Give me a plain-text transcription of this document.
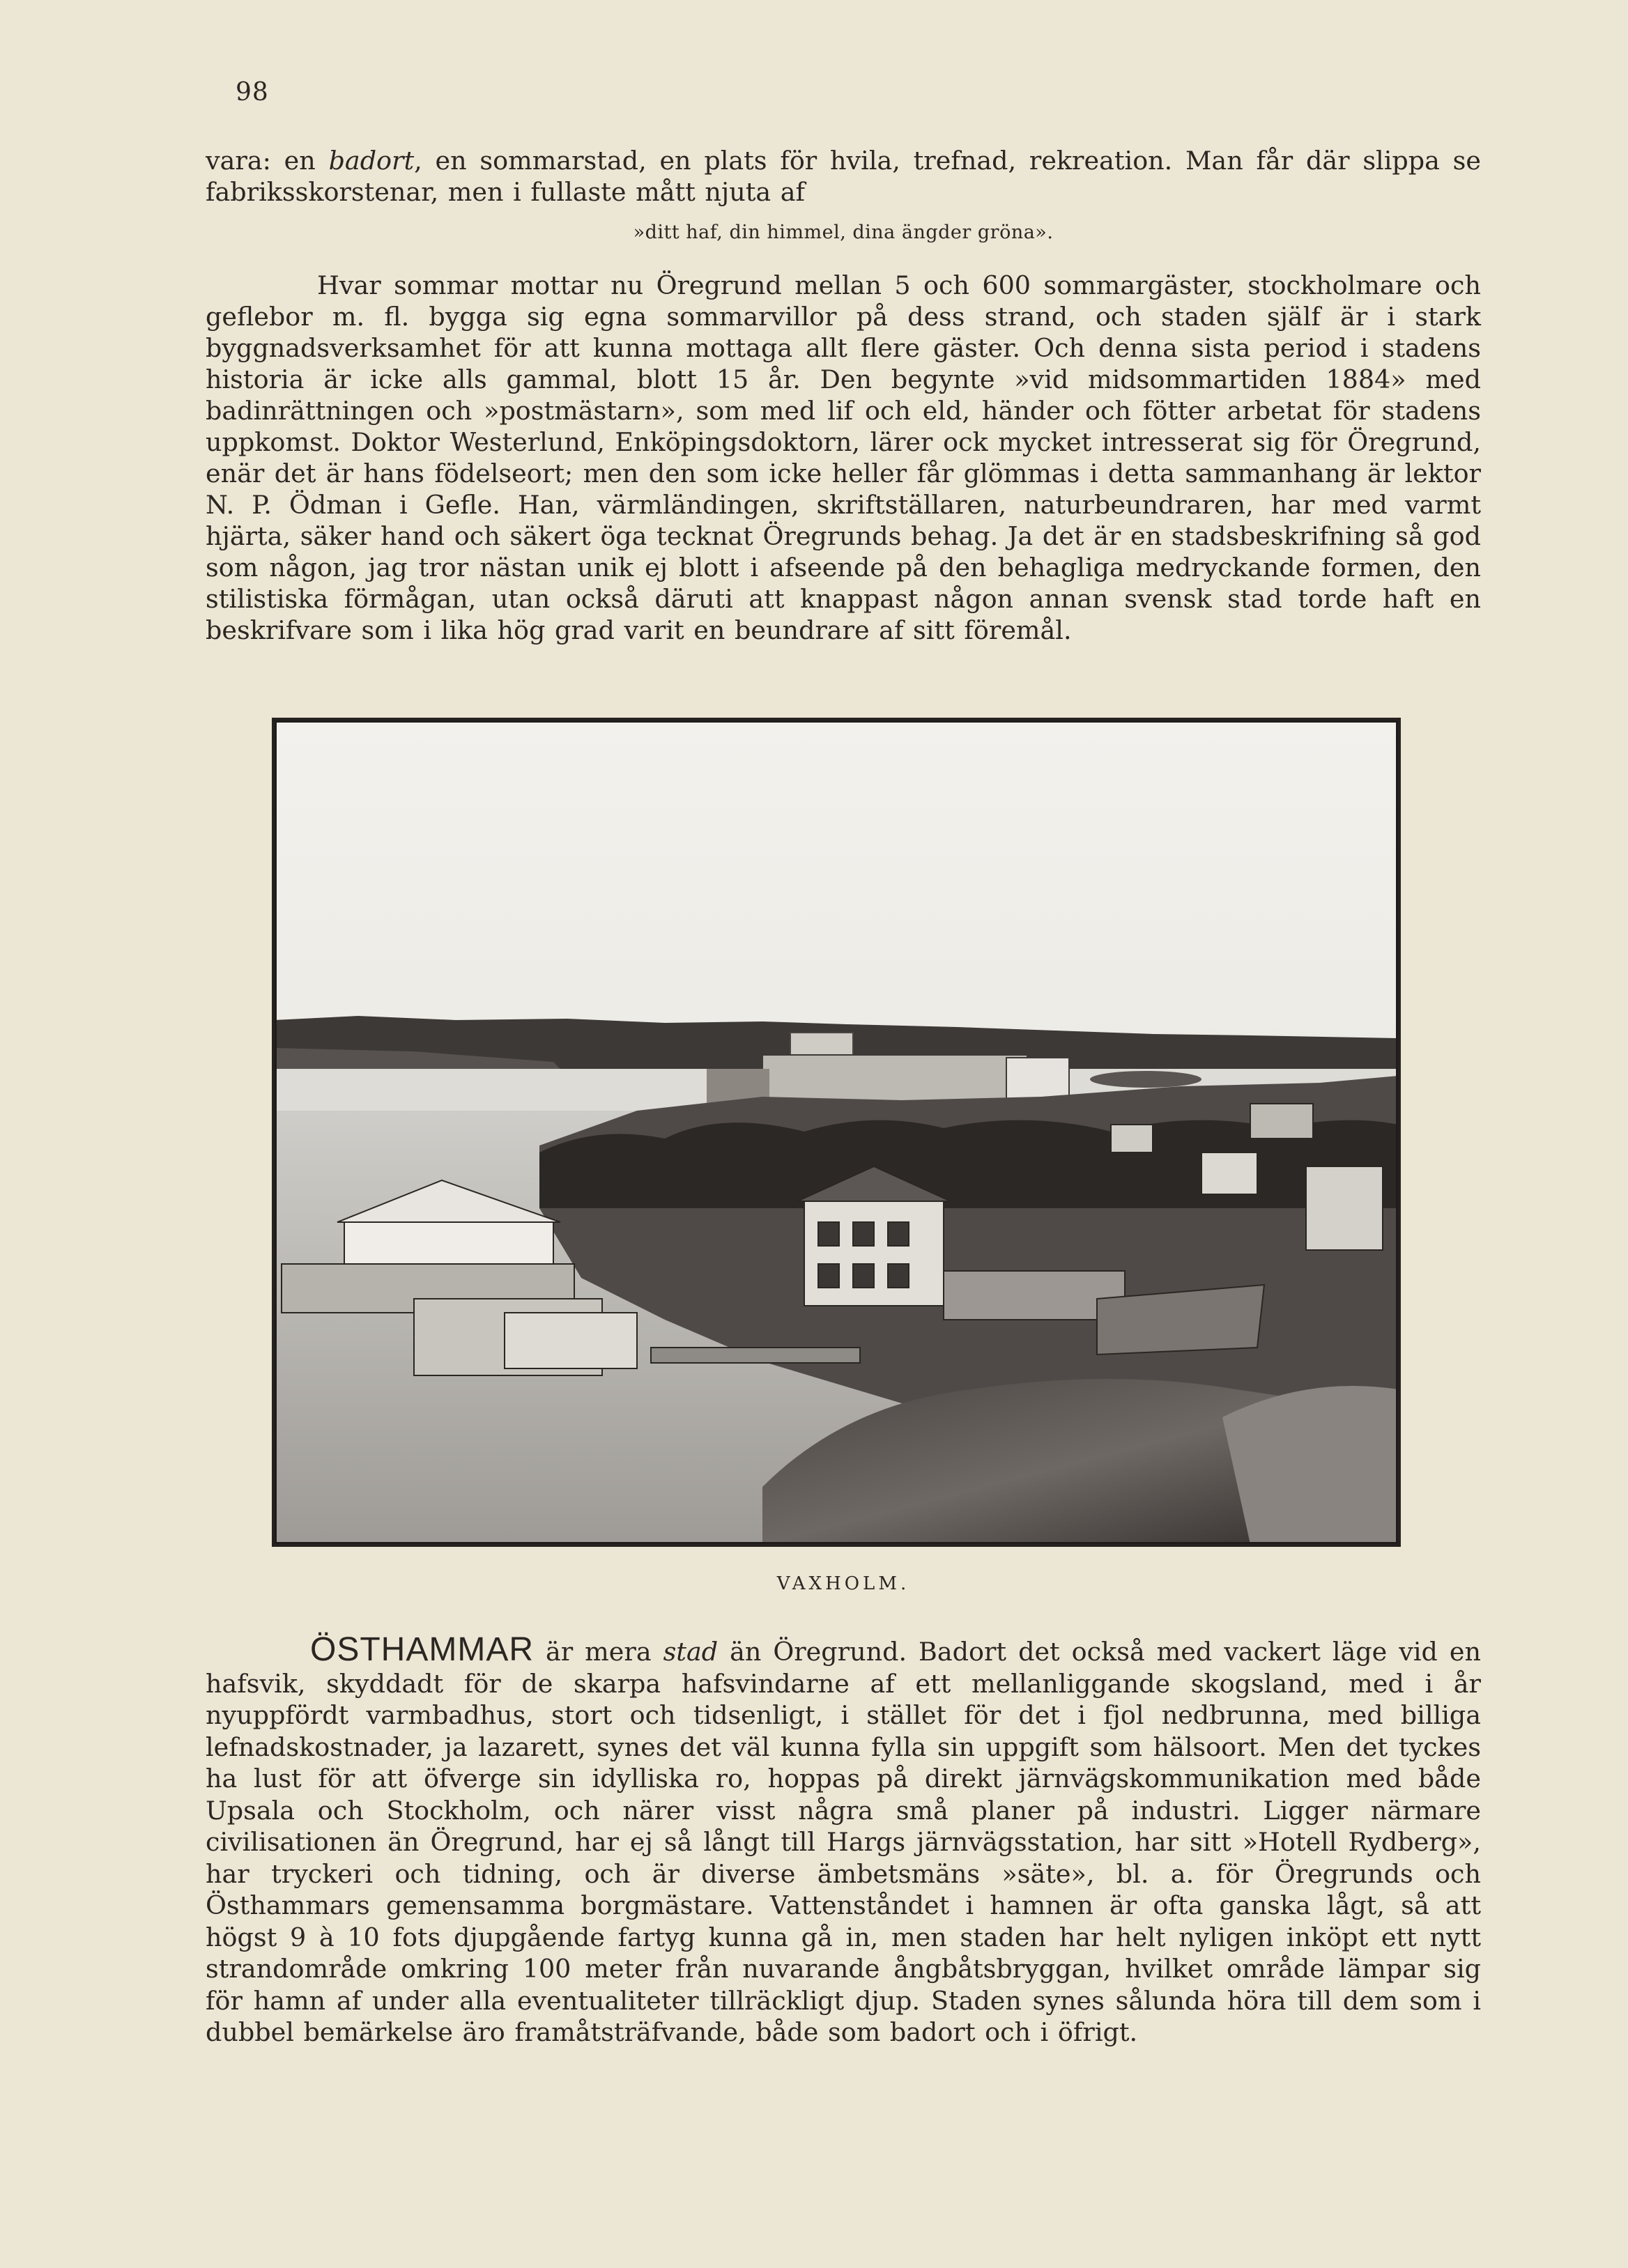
98

vara: en badort, en sommarstad, en plats för hvila, trefnad, rekreation. Man får där slippa se fabriksskorstenar, men i fullaste mått njuta af

»ditt haf, din himmel, dina ängder gröna».

Hvar sommar mottar nu Öregrund mellan 5 och 600 sommargäster, stockholmare och geflebor m. fl. bygga sig egna sommarvillor på dess strand, och staden själf är i stark byggnadsverksamhet för att kunna mottaga allt flere gäster. Och denna sista period i stadens historia är icke alls gammal, blott 15 år. Den begynte »vid midsommartiden 1884» med badinrättningen och »postmästarn», som med lif och eld, händer och fötter arbetat för stadens uppkomst. Doktor Westerlund, Enköpingsdoktorn, lärer ock mycket intresserat sig för Öregrund, enär det är hans födelseort; men den som icke heller får glömmas i detta sammanhang är lektor N. P. Ödman i Gefle. Han, värmländingen, skriftställaren, naturbeundraren, har med varmt hjärta, säker hand och säkert öga tecknat Öregrunds behag. Ja det är en stadsbeskrifning så god som någon, jag tror nästan unik ej blott i afseende på den behagliga medryckande formen, den stilistiska förmågan, utan också däruti att knappast någon annan svensk stad torde haft en beskrifvare som i lika hög grad varit en beundrare af sitt föremål.

VAXHOLM.

ÖSTHAMMAR är mera stad än Öregrund. Badort det också med vackert läge vid en hafsvik, skyddadt för de skarpa hafsvindarne af ett mellanliggande skogsland, med i år nyuppfördt varmbadhus, stort och tidsenligt, i stället för det i fjol nedbrunna, med billiga lefnadskostnader, ja lazarett, synes det väl kunna fylla sin uppgift som hälsoort. Men det tyckes ha lust för att öfverge sin idylliska ro, hoppas på direkt järnvägskommunikation med både Upsala och Stockholm, och närer visst några små planer på industri. Ligger närmare civilisationen än Öregrund, har ej så långt till Hargs järnvägsstation, har sitt »Hotell Rydberg», har tryckeri och tidning, och är diverse ämbetsmäns »säte», bl. a. för Öregrunds och Östhammars gemensamma borgmästare. Vattenståndet i hamnen är ofta ganska lågt, så att högst 9 à 10 fots djupgående fartyg kunna gå in, men staden har helt nyligen inköpt ett nytt strandområde omkring 100 meter från nuvarande ångbåtsbryggan, hvilket område lämpar sig för hamn af under alla eventualiteter tillräckligt djup. Staden synes sålunda höra till dem som i dubbel bemärkelse äro framåtsträfvande, både som badort och i öfrigt.
